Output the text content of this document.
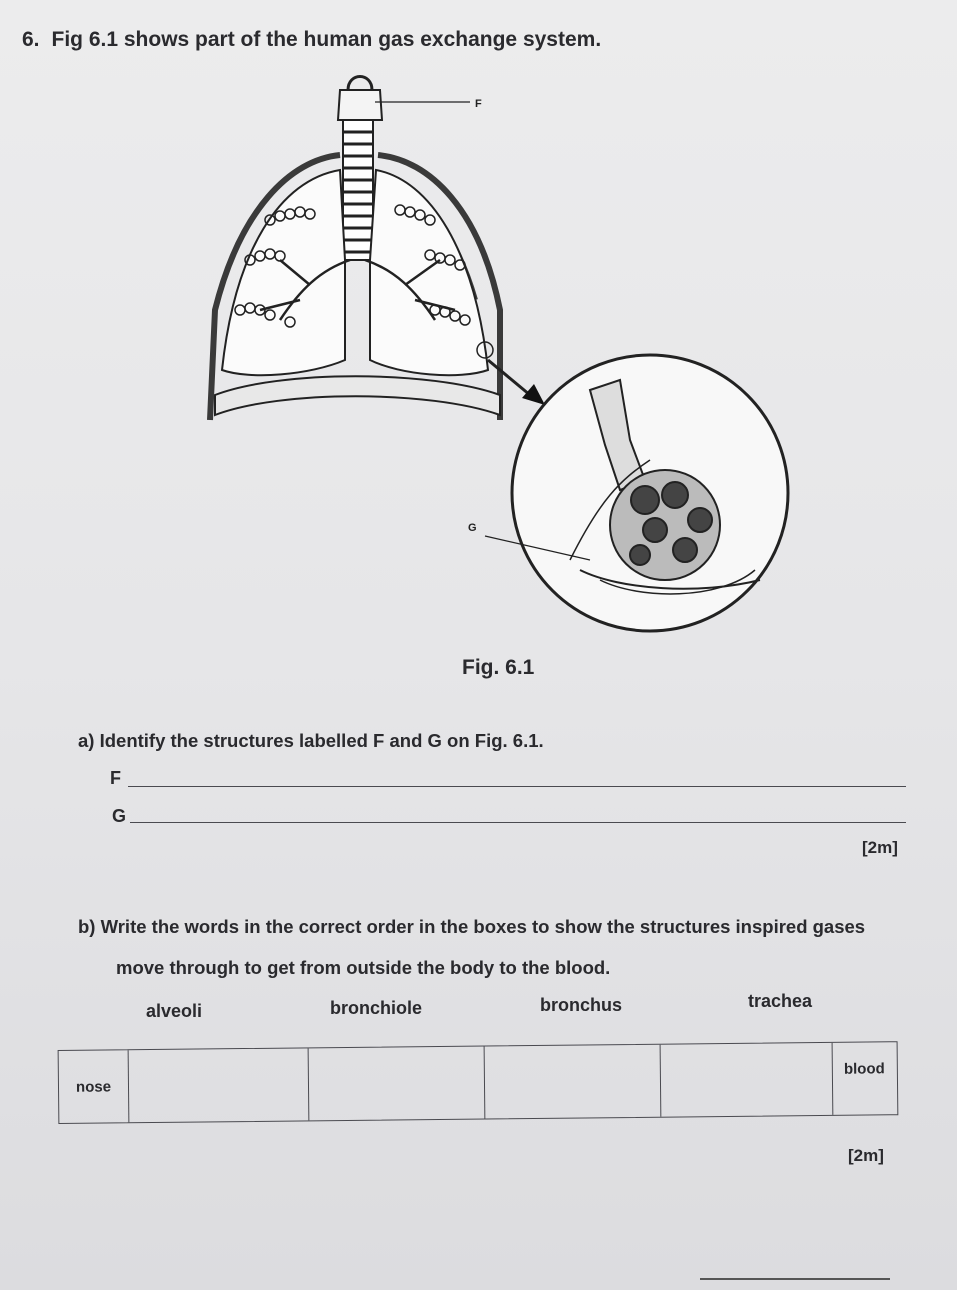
6. Fig 6.1 shows part of the human gas exchange system.
F
G
Fig. 6.1
a) Identify the structures labelled F and G on Fig. 6.1.
F
G
[2m]
b) Write the words in the correct order in the boxes to show the structures inspired gases
move through to get from outside the body to the blood.
alveoli	bronchiole	bronchus	trachea
nose
blood
[2m]
